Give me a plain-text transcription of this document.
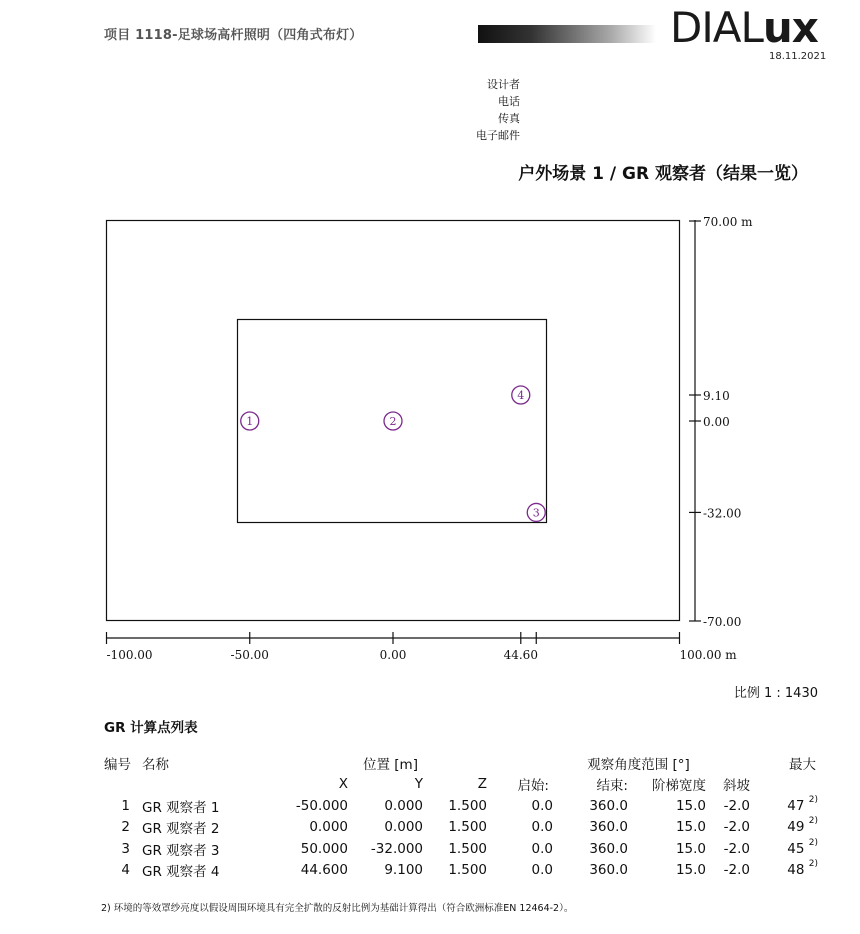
项目 1118-足球场高杆照明（四角式布灯）	DIALux
18.11.2021
设计者
电话
传真
电子邮件
户外场景 1 / GR 观察者（结果一览）
-100.00	-50.00	0.00	44.60	100.00 m
70.00 m
9.10
0.00
-32.00
-70.00
1	2
3
4
比例 1 : 1430
GR 计算点列表
编号	名称	位置 [m]			观察角度范围 [°]				最大
		X	Y	Z	启始:	结束:	阶梯宽度	斜坡	
1	GR 观察者 1	-50.000	0.000	1.500	0.0	360.0	15.0	-2.0	47 $^{2)}$
2	GR 观察者 2	0.000	0.000	1.500	0.0	360.0	15.0	-2.0	49 $^{2)}$
3	GR 观察者 3	50.000	-32.000	1.500	0.0	360.0	15.0	-2.0	45 $^{2)}$
4	GR 观察者 4	44.600	9.100	1.500	0.0	360.0	15.0	-2.0	48 $^{2)}$
2) 环境的等效罩纱亮度以假设周围环境具有完全扩散的反射比例为基础计算得出（符合欧洲标准EN 12464-2）。
